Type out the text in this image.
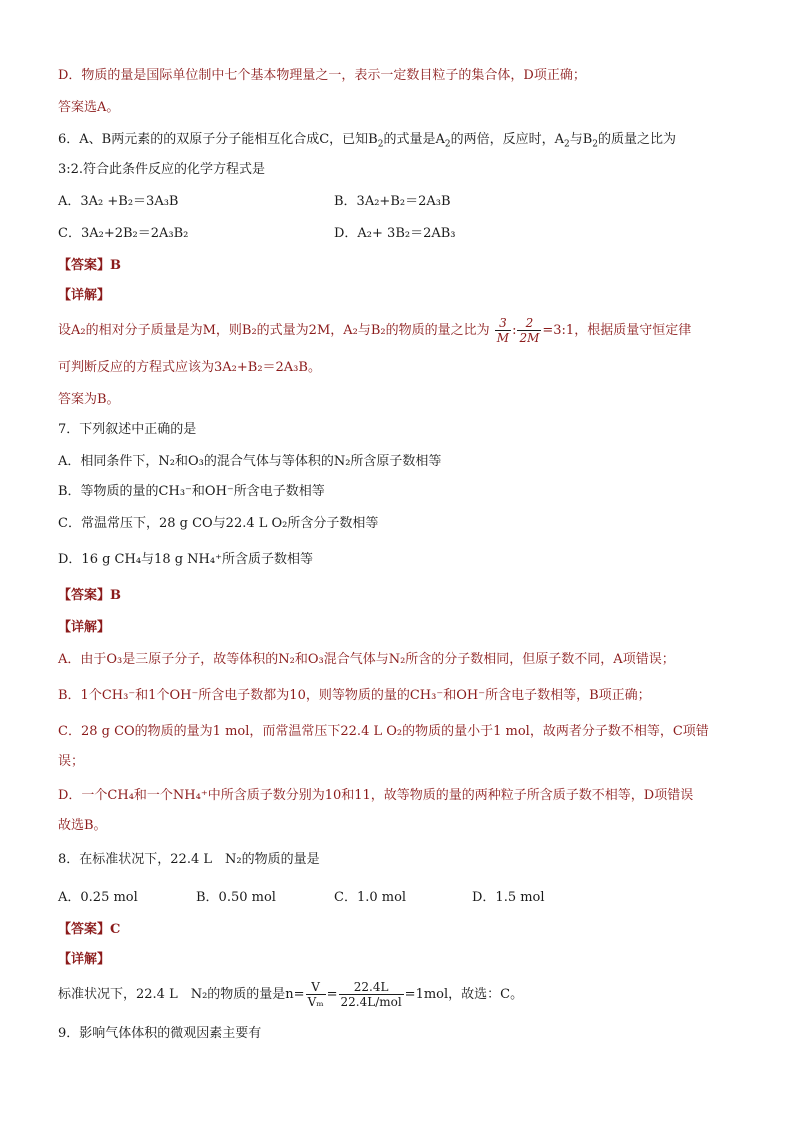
D．物质的量是国际单位制中七个基本物理量之一，表示一定数目粒子的集合体，D项正确；
答案选A。
6．A、B两元素的的双原子分子能相互化合成C，已知$B_2$的式量是$A_2$的两倍，反应时，$A_2$与$B_2$的质量之比为
3:2.符合此条件反应的化学方程式是
A．3A₂ +B₂＝3A₃B	B．3A₂+B₂＝2A₃B
C．3A₂+2B₂＝2A₃B₂	D．A₂+ 3B₂＝2AB₃
【答案】B
【详解】
设A₂的相对分子质量是为M，则B₂的式量为2M，A₂与B₂的物质的量之比为 $\frac{3}{M}$ : $\frac{2}{2M}$ =3:1，根据质量守恒定律
可判断反应的方程式应该为3A₂+B₂＝2A₃B。
答案为B。
7．下列叙述中正确的是
A．相同条件下，N₂和O₃的混合气体与等体积的N₂所含原子数相等
B．等物质的量的CH₃⁻和OH⁻所含电子数相等
C．常温常压下，28 g CO与22.4 L O₂所含分子数相等
D．16 g CH₄与18 g NH₄⁺所含质子数相等
【答案】B
【详解】
A．由于O₃是三原子分子，故等体积的N₂和O₃混合气体与N₂所含的分子数相同，但原子数不同，A项错误；
B．1个CH₃⁻和1个OH⁻所含电子数都为10，则等物质的量的CH₃⁻和OH⁻所含电子数相等，B项正确；
C．28 g CO的物质的量为1 mol，而常温常压下22.4 L O₂的物质的量小于1 mol，故两者分子数不相等，C项错
误；
D．一个CH₄和一个NH₄⁺中所含质子数分别为10和11，故等物质的量的两种粒子所含质子数不相等，D项错误
故选B。
8．在标准状况下，22.4 L　N₂的物质的量是
A．0.25 mol	B．0.50 mol	C．1.0 mol	D．1.5 mol
【答案】C
【详解】
标准状况下，22.4 L　N₂的物质的量是$n= \frac{V}{\text{Vₘ}} = \frac{22.4L}{\text{22.4L/mol}} =1mol$，故选：C。
9．影响气体体积的微观因素主要有
